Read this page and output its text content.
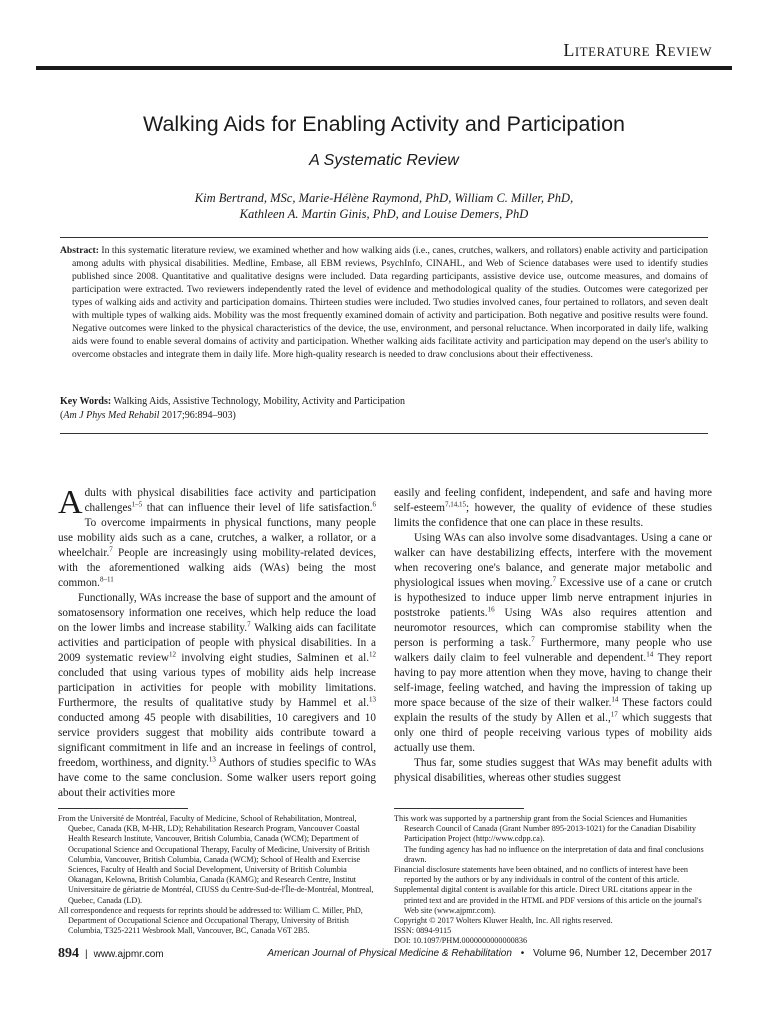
Literature Review
Walking Aids for Enabling Activity and Participation
A Systematic Review
Kim Bertrand, MSc, Marie-Hélène Raymond, PhD, William C. Miller, PhD,
Kathleen A. Martin Ginis, PhD, and Louise Demers, PhD

Abstract: In this systematic literature review, we examined whether and how walking aids (i.e., canes, crutches, walkers, and rollators) enable activity and participation among adults with physical disabilities. Medline, Embase, all EBM reviews, PsychInfo, CINAHL, and Web of Science databases were used to identify studies published since 2008. Quantitative and qualitative designs were included. Data regarding participants, assistive device use, outcome measures, and domains of participation were extracted. Two reviewers independently rated the level of evidence and methodological quality of the studies. Outcomes were categorized per types of walking aids and activity and participation domains. Thirteen studies were included. Two studies involved canes, four pertained to rollators, and seven dealt with multiple types of walking aids. Mobility was the most frequently examined domain of activity and participation. Both negative and positive results were found. Negative outcomes were linked to the physical characteristics of the device, the use, environment, and personal reluctance. When incorporated in daily life, walking aids were found to enable several domains of activity and participation. Whether walking aids facilitate activity and participation may depend on the user's ability to overcome obstacles and integrate them in daily life. More high-quality research is needed to draw conclusions about their effectiveness.

Key Words: Walking Aids, Assistive Technology, Mobility, Activity and Participation
(Am J Phys Med Rehabil 2017;96:894–903)

Adults with physical disabilities face activity and participation challenges$^{1-5}$ that can influence their level of life satisfaction.$^6$ To overcome impairments in physical functions, many people use mobility aids such as a cane, crutches, a walker, a rollator, or a wheelchair.$^7$ People are increasingly using mobility-related devices, with the aforementioned walking aids (WAs) being the most common.$^{8-11}$

Functionally, WAs increase the base of support and the amount of somatosensory information one receives, which help reduce the load on the lower limbs and increase stability.$^7$ Walking aids can facilitate activities and participation of people with physical disabilities. In a 2009 systematic review$^{12}$ involving eight studies, Salminen et al.$^{12}$ concluded that using various types of mobility aids help increase participation in activities for people with mobility limitations. Furthermore, the results of qualitative study by Hammel et al.$^{13}$ conducted among 45 people with disabilities, 10 caregivers and 10 service providers suggest that mobility aids contribute toward a significant commitment in life and an increase in feelings of control, freedom, worthiness, and dignity.$^{13}$ Authors of studies specific to WAs have come to the same conclusion. Some walker users report going about their activities more

easily and feeling confident, independent, and safe and having more self-esteem$^{7,14,15}$; however, the quality of evidence of these studies limits the confidence that one can place in these results.

Using WAs can also involve some disadvantages. Using a cane or walker can have destabilizing effects, interfere with the movement when recovering one's balance, and generate major metabolic and physiological issues when moving.$^7$ Excessive use of a cane or crutch is hypothesized to induce upper limb nerve entrapment injuries in poststroke patients.$^{16}$ Using WAs also requires attention and neuromotor resources, which can compromise stability when the person is performing a task.$^7$ Furthermore, many people who use walkers daily claim to feel vulnerable and dependent.$^{14}$ They report having to pay more attention when they move, having to change their self-image, feeling watched, and having the impression of taking up more space because of the size of their walker.$^{14}$ These factors could explain the results of the study by Allen et al.,$^{17}$ which suggests that only one third of people receiving various types of mobility aids actually use them.

Thus far, some studies suggest that WAs may benefit adults with physical disabilities, whereas other studies suggest

From the Université de Montréal, Faculty of Medicine, School of Rehabilitation, Montreal, Quebec, Canada (KB, M-HR, LD); Rehabilitation Research Program, Vancouver Coastal Health Research Institute, Vancouver, British Columbia, Canada (WCM); Department of Occupational Science and Occupational Therapy, Faculty of Medicine, University of British Columbia, Vancouver, British Columbia, Canada (WCM); School of Health and Exercise Sciences, Faculty of Health and Social Development, University of British Columbia Okanagan, Kelowna, British Columbia, Canada (KAMG); and Research Centre, Institut Universitaire de gériatrie de Montréal, CIUSS du Centre-Sud-de-l'Île-de-Montréal, Montreal, Quebec, Canada (LD).

All correspondence and requests for reprints should be addressed to: William C. Miller, PhD, Department of Occupational Science and Occupational Therapy, University of British Columbia, T325-2211 Wesbrook Mall, Vancouver, BC, Canada V6T 2B5.

This work was supported by a partnership grant from the Social Sciences and Humanities Research Council of Canada (Grant Number 895-2013-1021) for the Canadian Disability Participation Project (http://www.cdpp.ca).

The funding agency has had no influence on the interpretation of data and final conclusions drawn.

Financial disclosure statements have been obtained, and no conflicts of interest have been reported by the authors or by any individuals in control of the content of this article.

Supplemental digital content is available for this article. Direct URL citations appear in the printed text and are provided in the HTML and PDF versions of this article on the journal's Web site (www.ajpmr.com).

Copyright © 2017 Wolters Kluwer Health, Inc. All rights reserved.

ISSN: 0894-9115

DOI: 10.1097/PHM.0000000000000836

894 | www.ajpmr.com	American Journal of Physical Medicine & Rehabilitation • Volume 96, Number 12, December 2017
